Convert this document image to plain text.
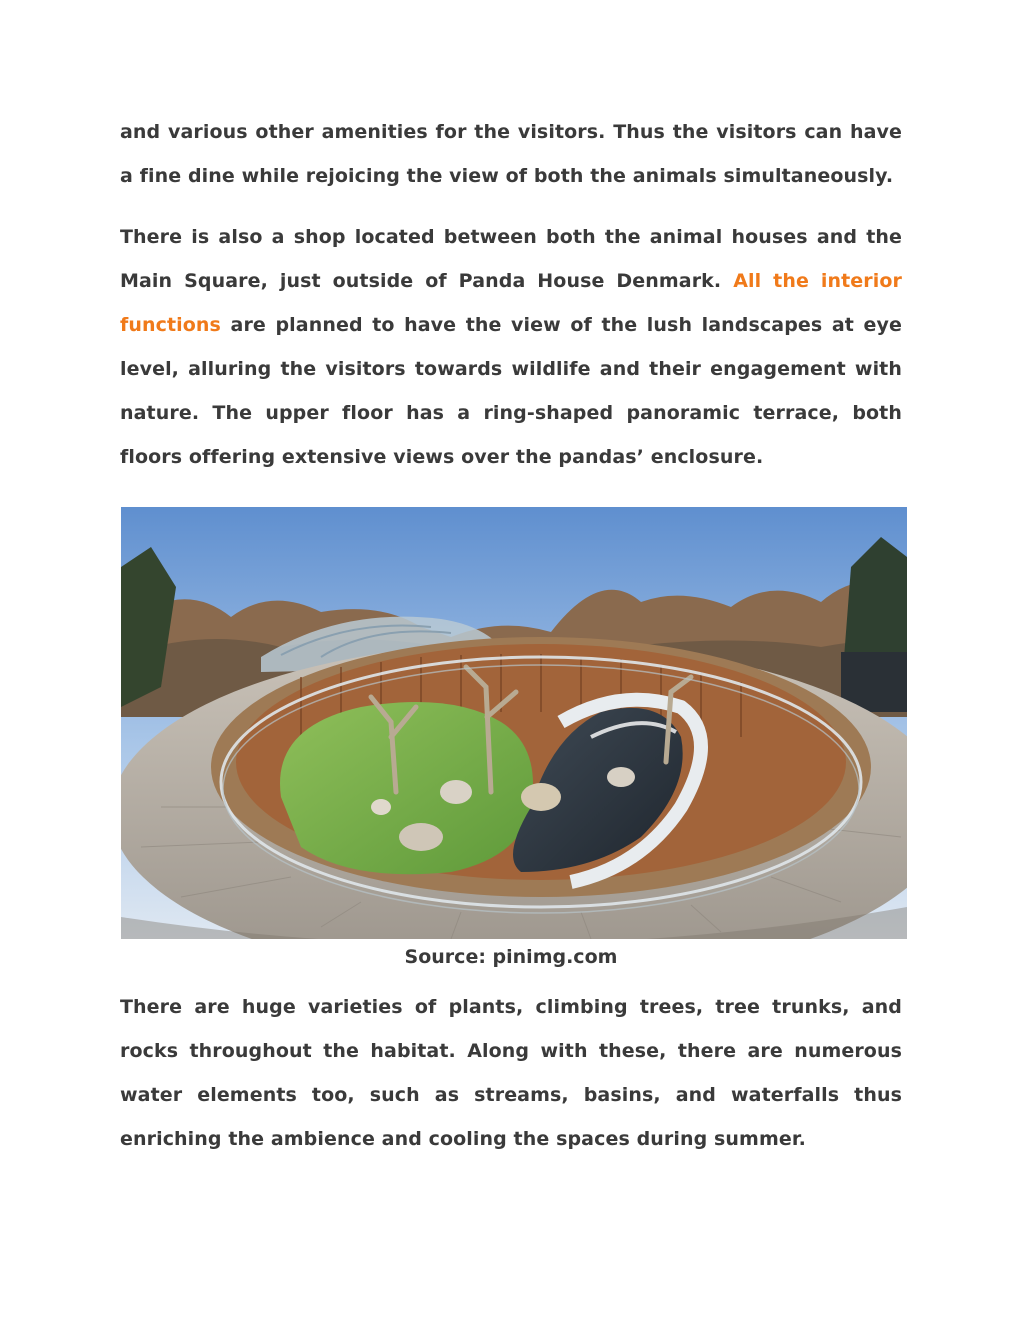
and various other amenities for the visitors. Thus the visitors can have a fine dine while rejoicing the view of both the animals simultaneously.

There is also a shop located between both the animal houses and the Main Square, just outside of Panda House Denmark. All the interior functions are planned to have the view of the lush landscapes at eye level, alluring the visitors towards wildlife and their engagement with nature. The upper floor has a ring-shaped panoramic terrace, both floors offering extensive views over the pandas’ enclosure.

Source: pinimg.com

There are huge varieties of plants, climbing trees, tree trunks, and rocks throughout the habitat. Along with these, there are numerous water elements too, such as streams, basins, and waterfalls thus enriching the ambience and cooling the spaces during summer.
